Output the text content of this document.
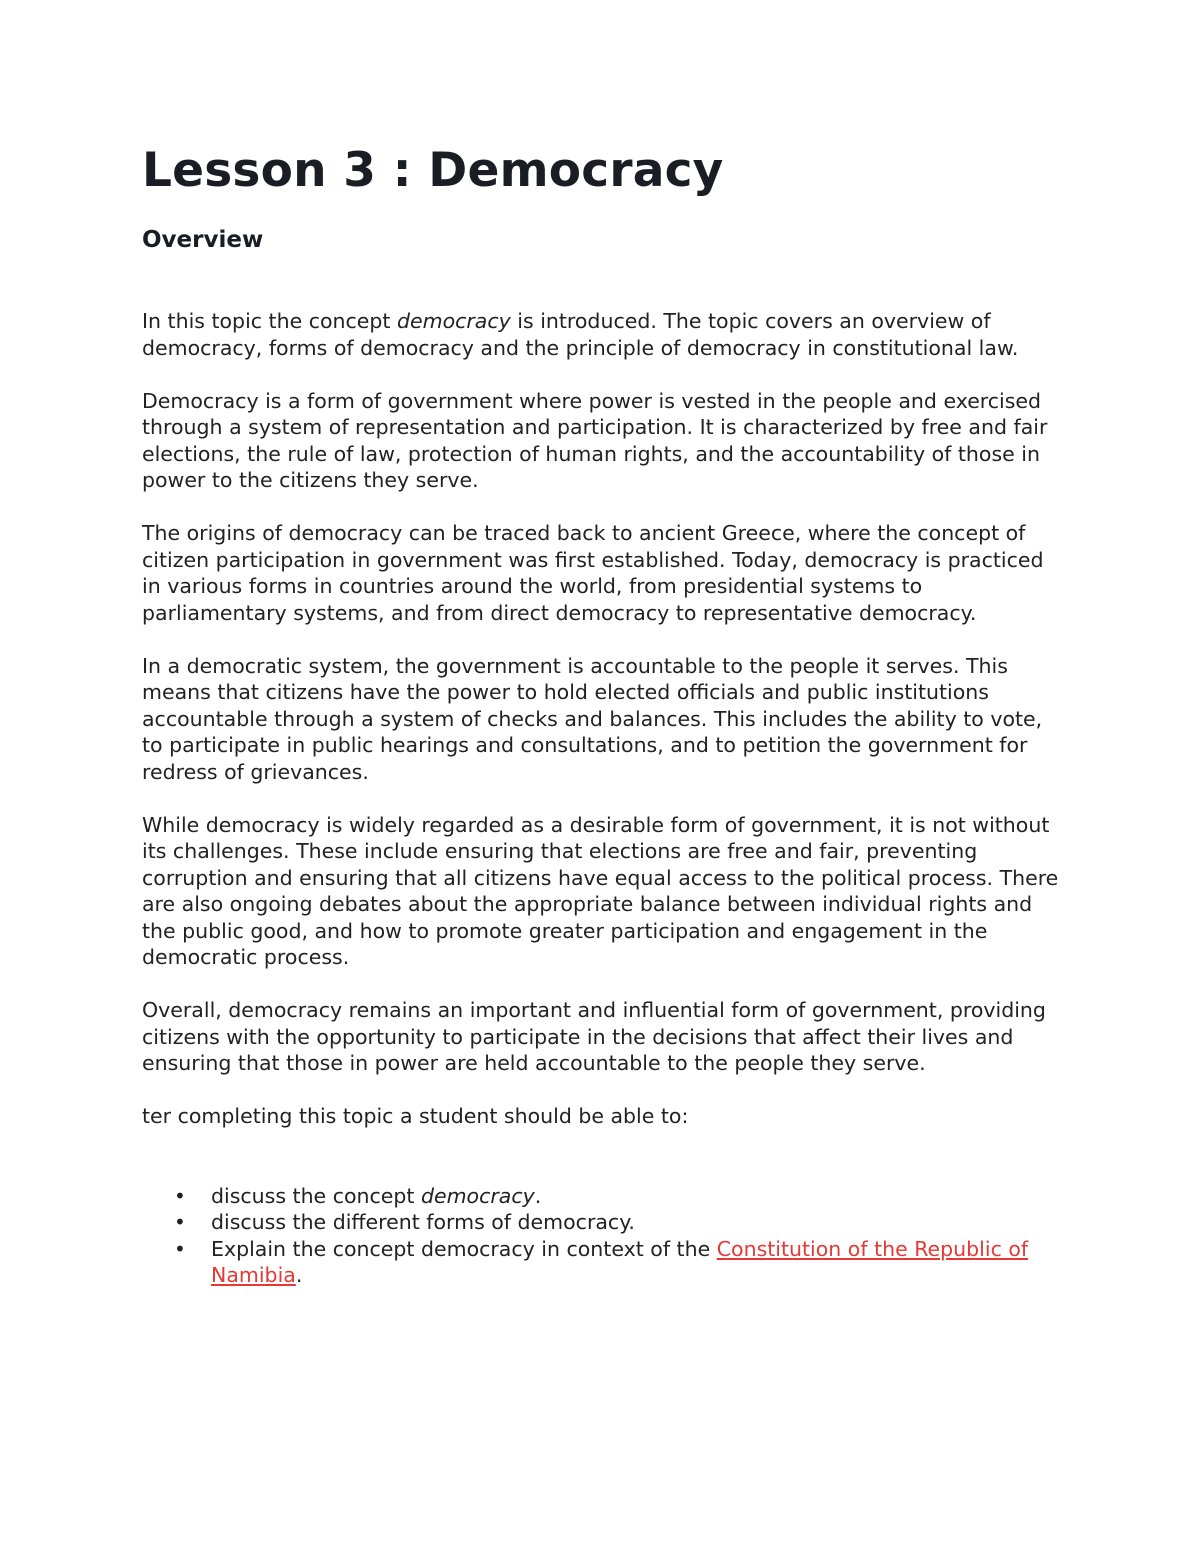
Lesson 3 : Democracy
Overview

In this topic the concept democracy is introduced. The topic covers an overview of democracy, forms of democracy and the principle of democracy in constitutional law.

Democracy is a form of government where power is vested in the people and exercised through a system of representation and participation. It is characterized by free and fair elections, the rule of law, protection of human rights, and the accountability of those in power to the citizens they serve.

The origins of democracy can be traced back to ancient Greece, where the concept of citizen participation in government was first established. Today, democracy is practiced in various forms in countries around the world, from presidential systems to parliamentary systems, and from direct democracy to representative democracy.

In a democratic system, the government is accountable to the people it serves. This means that citizens have the power to hold elected officials and public institutions accountable through a system of checks and balances. This includes the ability to vote, to participate in public hearings and consultations, and to petition the government for redress of grievances.

While democracy is widely regarded as a desirable form of government, it is not without its challenges. These include ensuring that elections are free and fair, preventing corruption and ensuring that all citizens have equal access to the political process. There are also ongoing debates about the appropriate balance between individual rights and the public good, and how to promote greater participation and engagement in the democratic process.

Overall, democracy remains an important and influential form of government, providing citizens with the opportunity to participate in the decisions that affect their lives and ensuring that those in power are held accountable to the people they serve.

ter completing this topic a student should be able to:

• discuss the concept democracy.
• discuss the different forms of democracy.
• Explain the concept democracy in context of the Constitution of the Republic of Namibia.
